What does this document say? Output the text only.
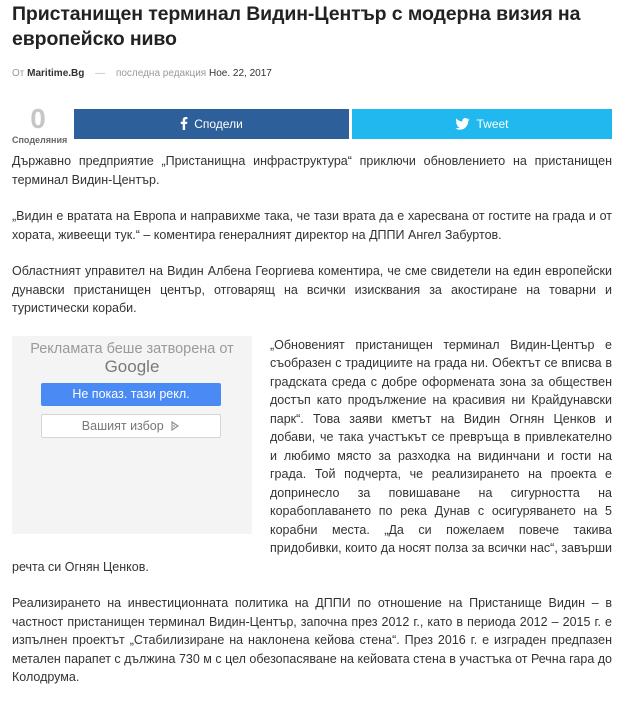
Пристанищен терминал Видин-Център с модерна визия на европейско ниво
От Maritime.Bg — последна редакция Ное. 22, 2017
0
Споделяния
Сподели	Tweet

Държавно предприятие „Пристанищна инфраструктура“ приключи обновлението на пристанищен терминал Видин-Център.

„Видин е вратата на Европа и направихме така, че тази врата да е харесвана от гостите на града и от хората, живеещи тук.“ – коментира генералният директор на ДППИ Ангел Забуртов.

Областният управител на Видин Албена Георгиева коментира, че сме свидетели на един европейски дунавски пристанищен център, отговарящ на всички изисквания за акостиране на товарни и туристически кораби.

Рекламата беше затворена от
Google
Не показ. тази рекл.
Вашият избор

„Обновеният пристанищен терминал Видин-Център е съобразен с традициите на града ни. Обектът се вписва в градската среда с добре оформената зона за обществен достъп като продължение на красивия ни Крайдунавски парк“. Това заяви кметът на Видин Огнян Ценков и добави, че така участъкът се превръща в привлекателно и любимо място за разходка на видинчани и гости на града. Той подчерта, че реализирането на проекта е допринесло за повишаване на сигурността на корабоплаването по река Дунав с осигуряването на 5 корабни места. „Да си пожелаем повече такива придобивки, които да носят полза за всички нас“, завърши речта си Огнян Ценков.

Реализирането на инвестиционната политика на ДППИ по отношение на Пристанище Видин – в частност пристанищен терминал Видин-Център, започна през 2012 г., като в периода 2012 – 2015 г. е изпълнен проектът „Стабилизиране на наклонена кейова стена“. През 2016 г. е изграден предпазен метален парапет с дължина 730 м с цел обезопасяване на кейовата стена в участъка от Речна гара до Колодрума.
